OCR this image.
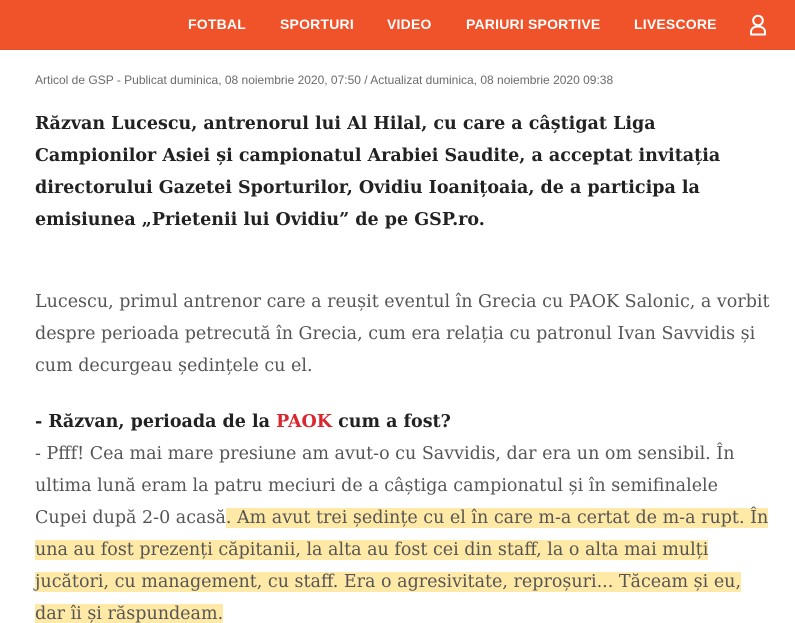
FOTBAL SPORTURI VIDEO PARIURI SPORTIVE LIVESCORE
Articol de GSP - Publicat duminica, 08 noiembrie 2020, 07:50 / Actualizat duminica, 08 noiembrie 2020 09:38

Răzvan Lucescu, antrenorul lui Al Hilal, cu care a câștigat Liga Campionilor Asiei și campionatul Arabiei Saudite, a acceptat invitația directorului Gazetei Sporturilor, Ovidiu Ioanițoaia, de a participa la emisiunea „Prietenii lui Ovidiu” de pe GSP.ro.

Lucescu, primul antrenor care a reușit eventul în Grecia cu PAOK Salonic, a vorbit despre perioada petrecută în Grecia, cum era relația cu patronul Ivan Savvidis și cum decurgeau ședințele cu el.

- Răzvan, perioada de la PAOK cum a fost?

- Pfff! Cea mai mare presiune am avut-o cu Savvidis, dar era un om sensibil. În ultima lună eram la patru meciuri de a câștiga campionatul și în semifinalele Cupei după 2-0 acasă. Am avut trei ședințe cu el în care m-a certat de m-a rupt. În una au fost prezenți căpitanii, la alta au fost cei din staff, la o alta mai mulți jucători, cu management, cu staff. Era o agresivitate, reproșuri... Tăceam și eu, dar îi și răspundeam.
